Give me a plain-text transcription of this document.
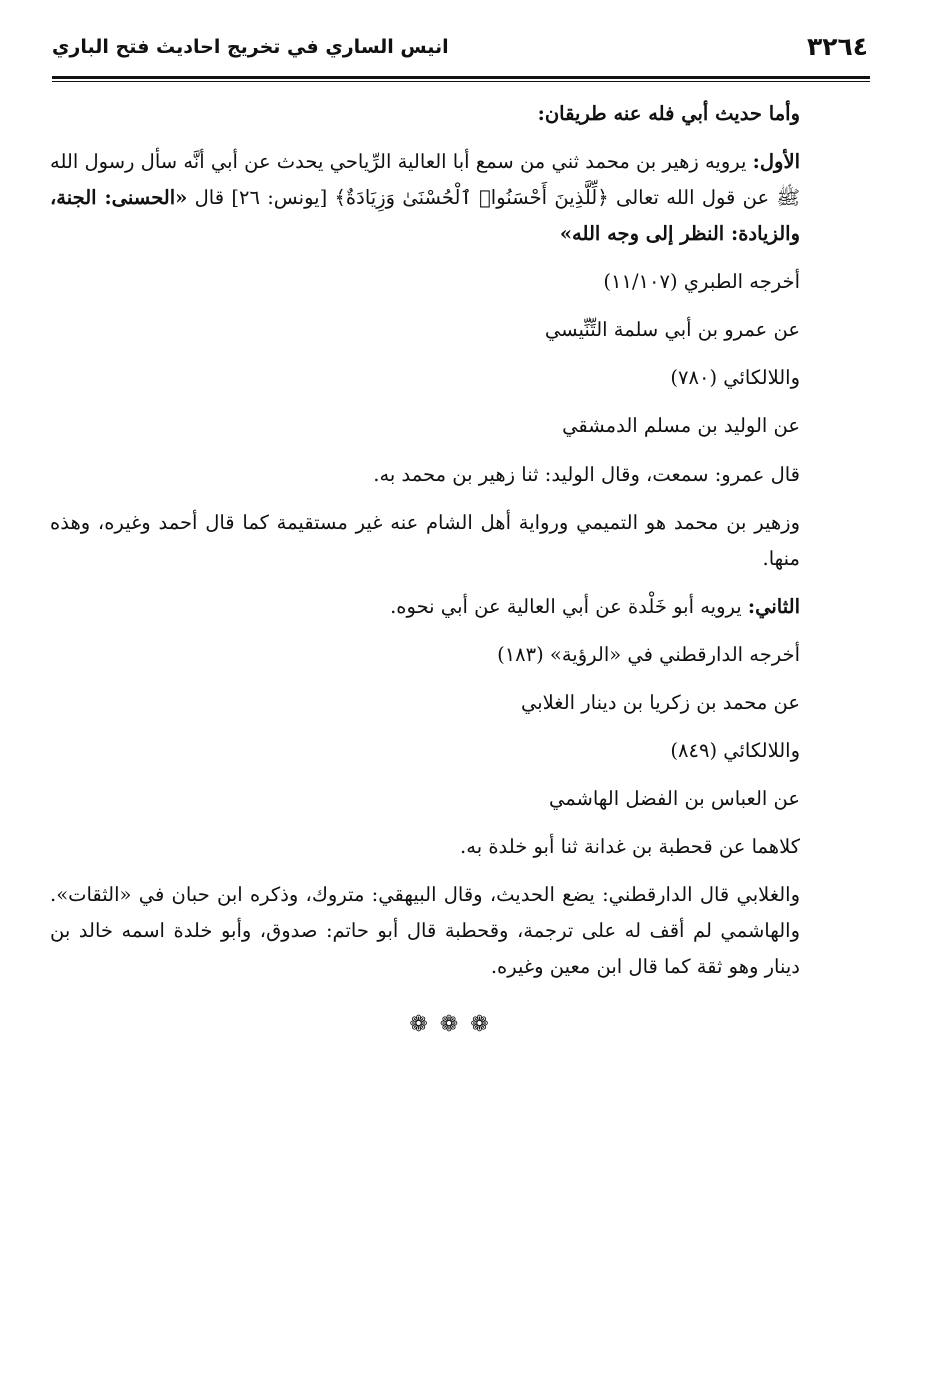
٣٢٦٤
انيس الساري في تخريج احاديث فتح الباري

وأما حديث أبي فله عنه طريقان:

الأول: يرويه زهير بن محمد ثني من سمع أبا العالية الرِّياحي يحدث عن أبي أنَّه سأل رسول الله ﷺ عن قول الله تعالى ﴿لِّلَّذِينَ أَحْسَنُوا۟ ٱلْحُسْنَىٰ وَزِيَادَةٌ﴾ [يونس: ٢٦] قال «الحسنى: الجنة، والزيادة: النظر إلى وجه الله»

أخرجه الطبري (١١/١٠٧)

عن عمرو بن أبي سلمة التِّنِّيسي

واللالكائي (٧٨٠)

عن الوليد بن مسلم الدمشقي

قال عمرو: سمعت، وقال الوليد: ثنا زهير بن محمد به.

وزهير بن محمد هو التميمي ورواية أهل الشام عنه غير مستقيمة كما قال أحمد وغيره، وهذه منها.

الثاني: يرويه أبو خَلْدة عن أبي العالية عن أبي نحوه.

أخرجه الدارقطني في «الرؤية» (١٨٣)

عن محمد بن زكريا بن دينار الغلابي

واللالكائي (٨٤٩)

عن العباس بن الفضل الهاشمي

كلاهما عن قحطبة بن غدانة ثنا أبو خلدة به.

والغلابي قال الدارقطني: يضع الحديث، وقال البيهقي: متروك، وذكره ابن حبان في «الثقات». والهاشمي لم أقف له على ترجمة، وقحطبة قال أبو حاتم: صدوق، وأبو خلدة اسمه خالد بن دينار وهو ثقة كما قال ابن معين وغيره.

❁❁❁
